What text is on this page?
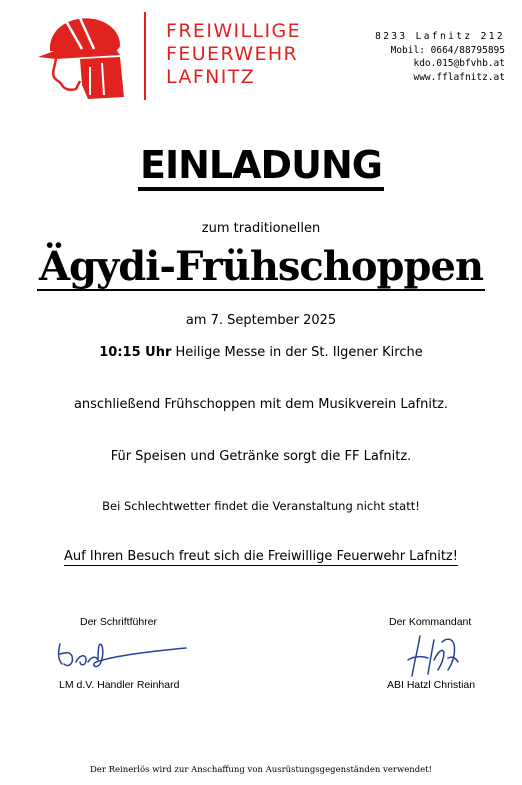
FREIWILLIGE
FEUERWEHR
LAFNITZ
8233 Lafnitz 212
Mobil: 0664/88795895
kdo.015@bfvhb.at
www.fflafnitz.at
EINLADUNG
zum traditionellen
Ägydi-Frühschoppen
am 7. September 2025
10:15 Uhr Heilige Messe in der St. Ilgener Kirche
anschließend Frühschoppen mit dem Musikverein Lafnitz.
Für Speisen und Getränke sorgt die FF Lafnitz.
Bei Schlechtwetter findet die Veranstaltung nicht statt!
Auf Ihren Besuch freut sich die Freiwillige Feuerwehr Lafnitz!
Der Schriftführer
LM d.V. Handler Reinhard
Der Kommandant
ABI Hatzl Christian
Der Reinerlös wird zur Anschaffung von Ausrüstungsgegenständen verwendet!
